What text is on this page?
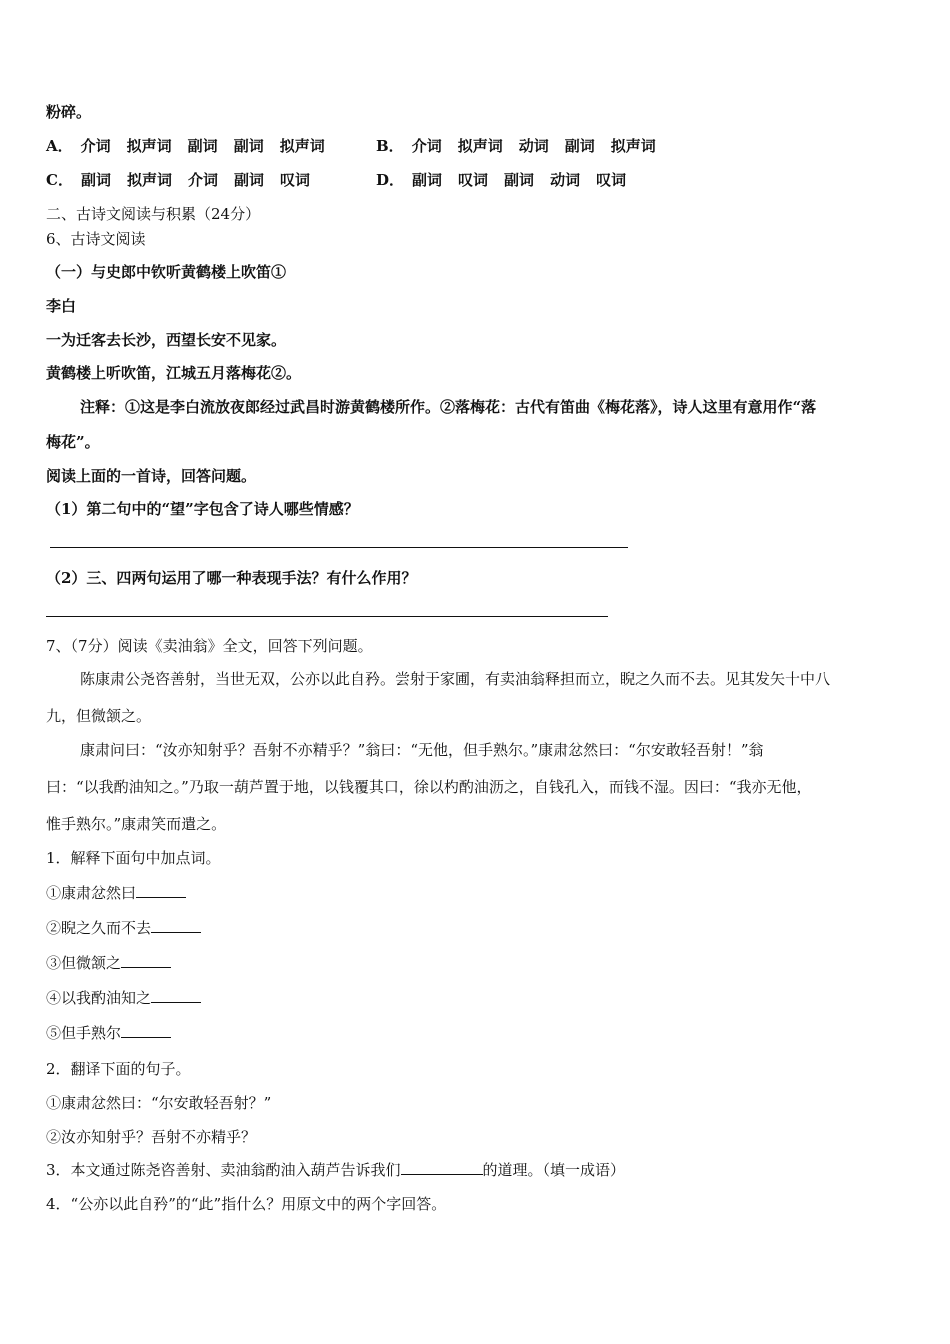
粉碎。
A． 介词 拟声词 副词 副词 拟声词	B． 介词 拟声词 动词 副词 拟声词
C． 副词 拟声词 介词 副词 叹词	D． 副词 叹词 副词 动词 叹词
二、古诗文阅读与积累（24分）
6、古诗文阅读
（一）与史郎中钦听黄鹤楼上吹笛①
李白
一为迁客去长沙，西望长安不见家。
黄鹤楼上听吹笛，江城五月落梅花②。
注释：①这是李白流放夜郎经过武昌时游黄鹤楼所作。②落梅花：古代有笛曲《梅花落》，诗人这里有意用作“落
梅花”。
阅读上面的一首诗，回答问题。
（1）第二句中的“望”字包含了诗人哪些情感？
（2）三、四两句运用了哪一种表现手法？有什么作用？
7、（7分）阅读《卖油翁》全文，回答下列问题。
陈康肃公尧咨善射，当世无双，公亦以此自矜。尝射于家圃，有卖油翁释担而立，睨之久而不去。见其发矢十中八
九，但微颔之。
康肃问曰：“汝亦知射乎？吾射不亦精乎？”翁曰：“无他，但手熟尔。”康肃忿然曰：“尔安敢轻吾射！”翁
曰：“以我酌油知之。”乃取一葫芦置于地，以钱覆其口，徐以杓酌油沥之，自钱孔入，而钱不湿。因曰：“我亦无他，
惟手熟尔。”康肃笑而遣之。
1．解释下面句中加点词。
①康肃忿然曰
②睨之久而不去
③但微颔之
④以我酌油知之
⑤但手熟尔
2．翻译下面的句子。
①康肃忿然曰：“尔安敢轻吾射？”
②汝亦知射乎？吾射不亦精乎？
3．本文通过陈尧咨善射、卖油翁酌油入葫芦告诉我们	的道理。（填一成语）
4．“公亦以此自矜”的“此”指什么？用原文中的两个字回答。
